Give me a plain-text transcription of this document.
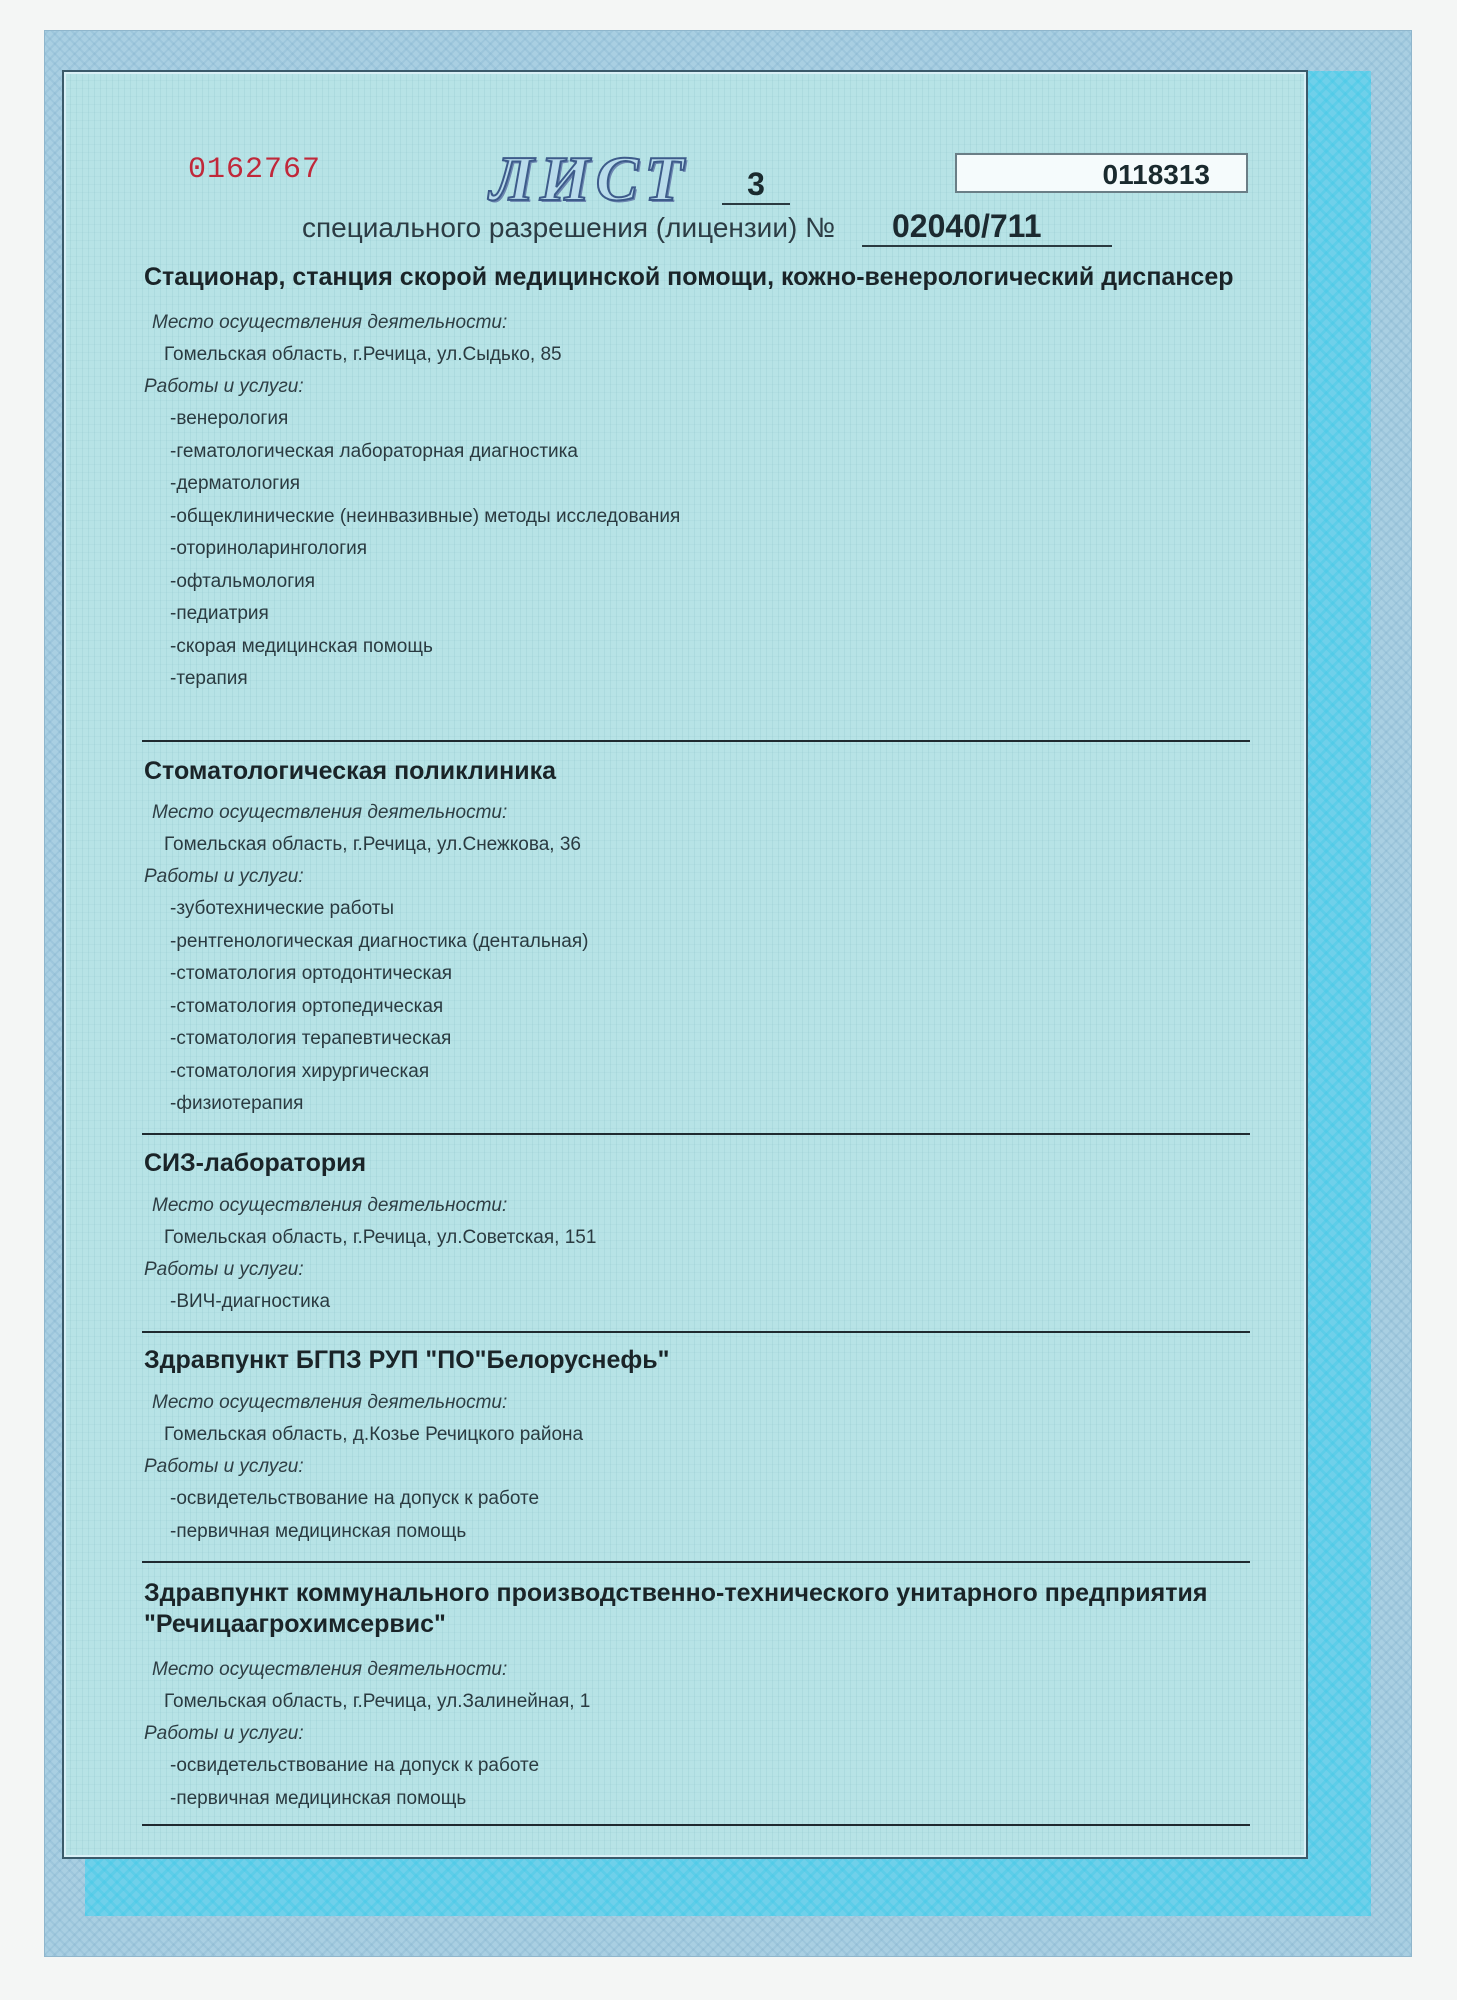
0162767	ЛИСТ	3	0118313
специального разрешения (лицензии) №	02040/711
Стационар, станция скорой медицинской помощи, кожно-венерологический диспансер
Место осуществления деятельности:
Гомельская область, г.Речица, ул.Сыдько, 85
Работы и услуги:
-венерология
-гематологическая лабораторная диагностика
-дерматология
-общеклинические (неинвазивные) методы исследования
-оториноларингология
-офтальмология
-педиатрия
-скорая медицинская помощь
-терапия
Стоматологическая поликлиника
Место осуществления деятельности:
Гомельская область, г.Речица, ул.Снежкова, 36
Работы и услуги:
-зуботехнические работы
-рентгенологическая диагностика (дентальная)
-стоматология ортодонтическая
-стоматология ортопедическая
-стоматология терапевтическая
-стоматология хирургическая
-физиотерапия
СИЗ-лаборатория
Место осуществления деятельности:
Гомельская область, г.Речица, ул.Советская, 151
Работы и услуги:
-ВИЧ-диагностика
Здравпункт БГПЗ РУП "ПО"Белоруснефь"
Место осуществления деятельности:
Гомельская область, д.Козье Речицкого района
Работы и услуги:
-освидетельствование на допуск к работе
-первичная медицинская помощь
Здравпункт коммунального производственно-технического унитарного предприятия "Речицаагрохимсервис"
Место осуществления деятельности:
Гомельская область, г.Речица, ул.Залинейная, 1
Работы и услуги:
-освидетельствование на допуск к работе
-первичная медицинская помощь
